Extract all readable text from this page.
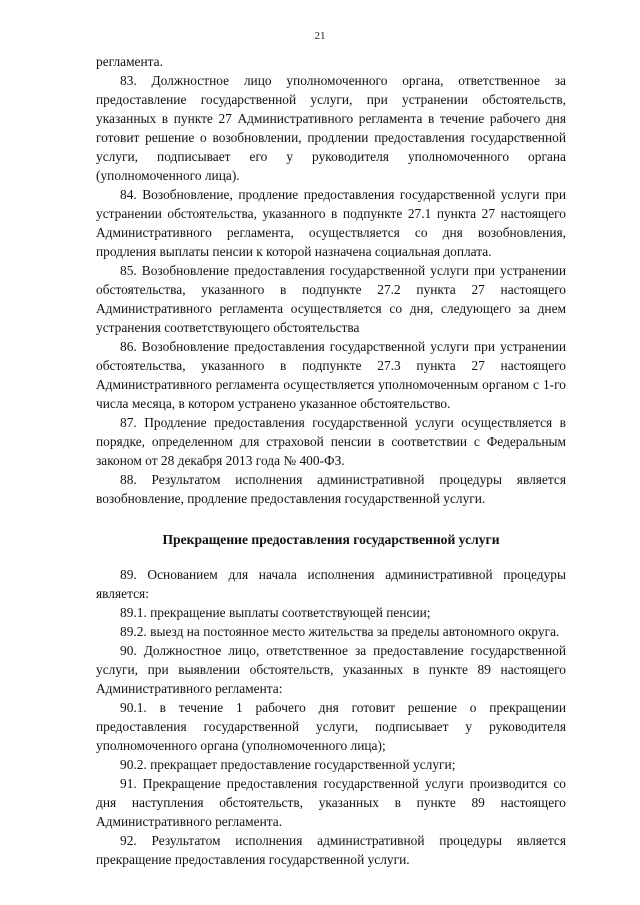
21

регламента.

83. Должностное лицо уполномоченного органа, ответственное за предоставление государственной услуги, при устранении обстоятельств, указанных в пункте 27 Административного регламента в течение рабочего дня готовит решение о возобновлении, продлении предоставления государственной услуги, подписывает его у руководителя уполномоченного органа (уполномоченного лица).

84. Возобновление, продление предоставления государственной услуги при устранении обстоятельства, указанного в подпункте 27.1 пункта 27 настоящего Административного регламента, осуществляется со дня возобновления, продления выплаты пенсии к которой назначена социальная доплата.

85. Возобновление предоставления государственной услуги при устранении обстоятельства, указанного в подпункте 27.2 пункта 27 настоящего Административного регламента осуществляется со дня, следующего за днем устранения соответствующего обстоятельства

86. Возобновление предоставления государственной услуги при устранении обстоятельства, указанного в подпункте 27.3 пункта 27 настоящего Административного регламента осуществляется уполномоченным органом с 1-го числа месяца, в котором устранено указанное обстоятельство.

87. Продление предоставления государственной услуги осуществляется в порядке, определенном для страховой пенсии в соответствии с Федеральным законом от 28 декабря 2013 года № 400-ФЗ.

88. Результатом исполнения административной процедуры является возобновление, продление предоставления государственной услуги.

Прекращение предоставления государственной услуги

89. Основанием для начала исполнения административной процедуры является:

89.1. прекращение выплаты соответствующей пенсии;

89.2. выезд на постоянное место жительства за пределы автономного округа.

90. Должностное лицо, ответственное за предоставление государственной услуги, при выявлении обстоятельств, указанных в пункте 89 настоящего Административного регламента:

90.1. в течение 1 рабочего дня готовит решение о прекращении предоставления государственной услуги, подписывает у руководителя уполномоченного органа (уполномоченного лица);

90.2. прекращает предоставление государственной услуги;

91. Прекращение предоставления государственной услуги производится со дня наступления обстоятельств, указанных в пункте 89 настоящего Административного регламента.

92. Результатом исполнения административной процедуры является прекращение предоставления государственной услуги.
